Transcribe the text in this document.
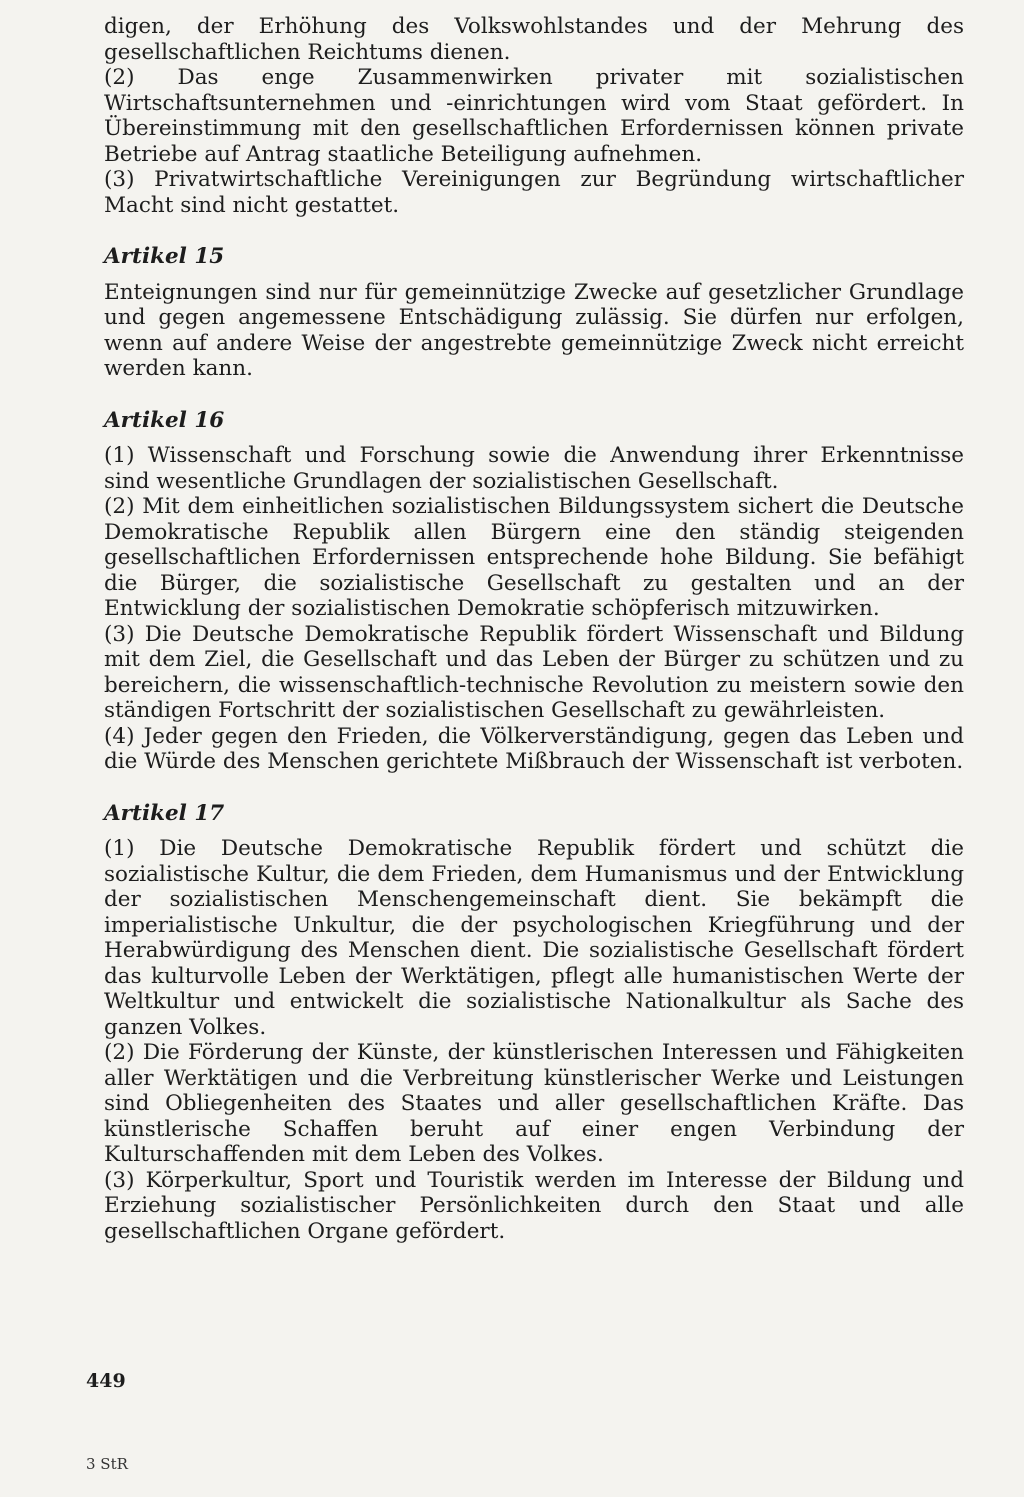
digen, der Erhöhung des Volkswohlstandes und der Mehrung des gesellschaftlichen Reichtums dienen.

(2) Das enge Zusammenwirken privater mit sozialistischen Wirtschaftsunternehmen und -einrichtungen wird vom Staat gefördert. In Übereinstimmung mit den gesellschaftlichen Erfordernissen können private Betriebe auf Antrag staatliche Beteiligung aufnehmen.

(3) Privatwirtschaftliche Vereinigungen zur Begründung wirtschaftlicher Macht sind nicht gestattet.

Artikel 15

Enteignungen sind nur für gemeinnützige Zwecke auf gesetzlicher Grundlage und gegen angemessene Entschädigung zulässig. Sie dürfen nur erfolgen, wenn auf andere Weise der angestrebte gemeinnützige Zweck nicht erreicht werden kann.

Artikel 16

(1) Wissenschaft und Forschung sowie die Anwendung ihrer Erkenntnisse sind wesentliche Grundlagen der sozialistischen Gesellschaft.

(2) Mit dem einheitlichen sozialistischen Bildungssystem sichert die Deutsche Demokratische Republik allen Bürgern eine den ständig steigenden gesellschaftlichen Erfordernissen entsprechende hohe Bildung. Sie befähigt die Bürger, die sozialistische Gesellschaft zu gestalten und an der Entwicklung der sozialistischen Demokratie schöpferisch mitzuwirken.

(3) Die Deutsche Demokratische Republik fördert Wissenschaft und Bildung mit dem Ziel, die Gesellschaft und das Leben der Bürger zu schützen und zu bereichern, die wissenschaftlich-technische Revolution zu meistern sowie den ständigen Fortschritt der sozialistischen Gesellschaft zu gewährleisten.

(4) Jeder gegen den Frieden, die Völkerverständigung, gegen das Leben und die Würde des Menschen gerichtete Mißbrauch der Wissenschaft ist verboten.

Artikel 17

(1) Die Deutsche Demokratische Republik fördert und schützt die sozialistische Kultur, die dem Frieden, dem Humanismus und der Entwicklung der sozialistischen Menschengemeinschaft dient. Sie bekämpft die imperialistische Unkultur, die der psychologischen Kriegführung und der Herabwürdigung des Menschen dient. Die sozialistische Gesellschaft fördert das kulturvolle Leben der Werktätigen, pflegt alle humanistischen Werte der Weltkultur und entwickelt die sozialistische Nationalkultur als Sache des ganzen Volkes.

(2) Die Förderung der Künste, der künstlerischen Interessen und Fähigkeiten aller Werktätigen und die Verbreitung künstlerischer Werke und Leistungen sind Obliegenheiten des Staates und aller gesellschaftlichen Kräfte. Das künstlerische Schaffen beruht auf einer engen Verbindung der Kulturschaffenden mit dem Leben des Volkes.

(3) Körperkultur, Sport und Touristik werden im Interesse der Bildung und Erziehung sozialistischer Persönlichkeiten durch den Staat und alle gesellschaftlichen Organe gefördert.

449
3 StR
